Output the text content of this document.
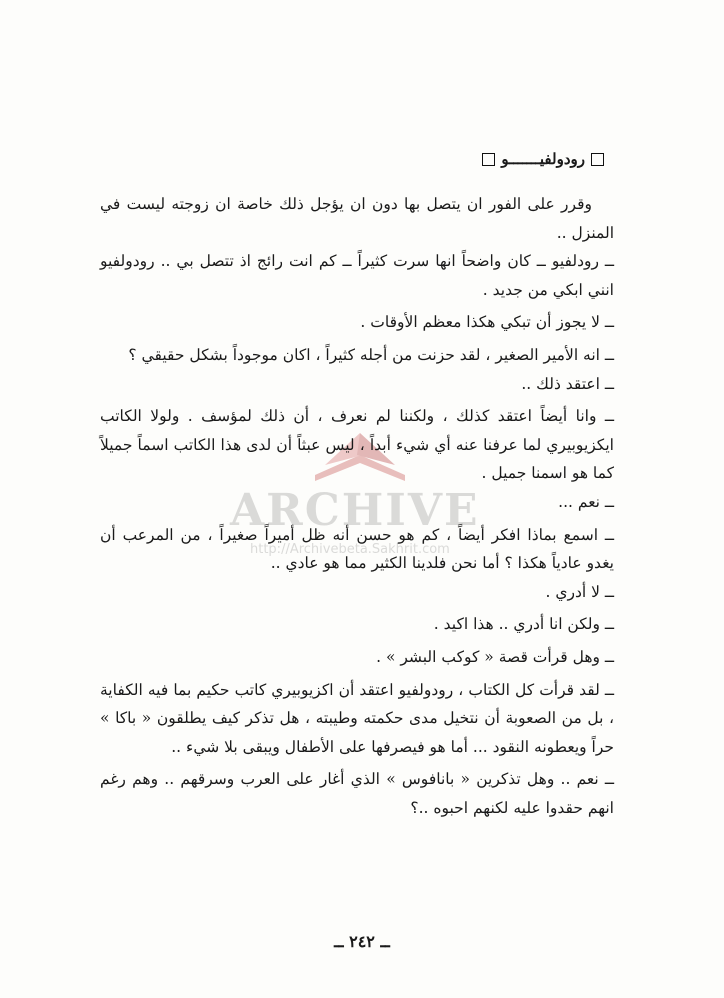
رودولفيـــــــو
ARCHIVE
http://Archivebeta.Sakhrit.com

وقرر على الفور ان يتصل بها دون ان يؤجل ذلك خاصة ان زوجته ليست في المنزل ..

ــ رودلفيو ــ كان واضحاً انها سرت كثيراً ــ كم انت رائج اذ تتصل بي .. رودولفيو انني ابكي من جديد .

ــ لا يجوز أن تبكي هكذا معظم الأوقات .

ــ انه الأمير الصغير ، لقد حزنت من أجله كثيراً ، اكان موجوداً بشكل حقيقي ؟

ــ اعتقد ذلك ..

ــ وانا أيضاً اعتقد كذلك ، ولكننا لم نعرف ، أن ذلك لمؤسف . ولولا الكاتب ايكزيوبيري لما عرفنا عنه أي شيء أبداً ، ليس عبثاً أن لدى هذا الكاتب اسماً جميلاً كما هو اسمنا جميل .

ــ نعم ...

ــ اسمع بماذا افكر أيضاً ، كم هو حسن أنه ظل أميراً صغيراً ، من المرعب أن يغدو عادياً هكذا ؟ أما نحن فلدينا الكثير مما هو عادي ..

ــ لا أدري .

ــ ولكن انا أدري .. هذا اكيد .

ــ وهل قرأت قصة « كوكب البشر » .

ــ لقد قرأت كل الكتاب ، رودولفيو اعتقد أن اكزيوبيري كاتب حكيم بما فيه الكفاية ، بل من الصعوبة أن نتخيل مدى حكمته وطيبته ، هل تذكر كيف يطلقون « باكا » حراً ويعطونه النقود ... أما هو فيصرفها على الأطفال ويبقى بلا شيء ..

ــ نعم .. وهل تذكرين « بانافوس » الذي أغار على العرب وسرقهم .. وهم رغم انهم حقدوا عليه لكنهم احبوه ..؟

ــ ٢٤٢ ــ
